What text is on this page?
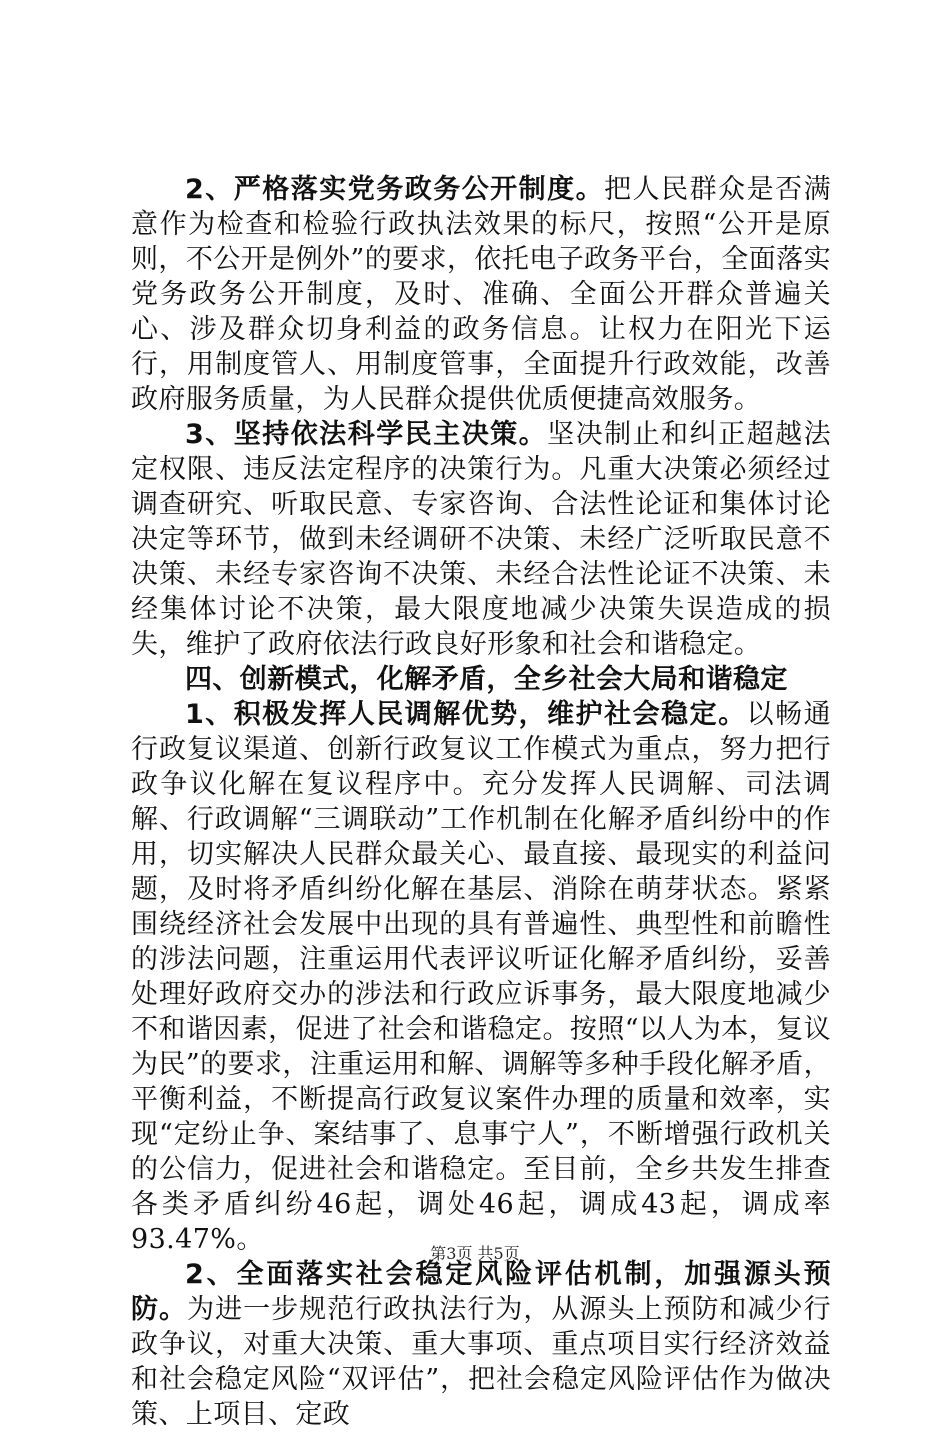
2、严格落实党务政务公开制度。把人民群众是否满意作为检查和检验行政执法效果的标尺，按照“公开是原则，不公开是例外”的要求，依托电子政务平台，全面落实党务政务公开制度，及时、准确、全面公开群众普遍关心、涉及群众切身利益的政务信息。让权力在阳光下运行，用制度管人、用制度管事，全面提升行政效能，改善政府服务质量，为人民群众提供优质便捷高效服务。

3、坚持依法科学民主决策。坚决制止和纠正超越法定权限、违反法定程序的决策行为。凡重大决策必须经过调查研究、听取民意、专家咨询、合法性论证和集体讨论决定等环节，做到未经调研不决策、未经广泛听取民意不决策、未经专家咨询不决策、未经合法性论证不决策、未经集体讨论不决策，最大限度地减少决策失误造成的损失，维护了政府依法行政良好形象和社会和谐稳定。

四、创新模式，化解矛盾，全乡社会大局和谐稳定

1、积极发挥人民调解优势，维护社会稳定。以畅通行政复议渠道、创新行政复议工作模式为重点，努力把行政争议化解在复议程序中。充分发挥人民调解、司法调解、行政调解“三调联动”工作机制在化解矛盾纠纷中的作用，切实解决人民群众最关心、最直接、最现实的利益问题，及时将矛盾纠纷化解在基层、消除在萌芽状态。紧紧围绕经济社会发展中出现的具有普遍性、典型性和前瞻性的涉法问题，注重运用代表评议听证化解矛盾纠纷，妥善处理好政府交办的涉法和行政应诉事务，最大限度地减少不和谐因素，促进了社会和谐稳定。按照“以人为本，复议为民”的要求，注重运用和解、调解等多种手段化解矛盾，平衡利益，不断提高行政复议案件办理的质量和效率，实现“定纷止争、案结事了、息事宁人”，不断增强行政机关的公信力，促进社会和谐稳定。至目前，全乡共发生排查各类矛盾纠纷46起，调处46起，调成43起，调成率93.47%。

2、全面落实社会稳定风险评估机制，加强源头预防。为进一步规范行政执法行为，从源头上预防和减少行政争议，对重大决策、重大事项、重点项目实行经济效益和社会稳定风险“双评估”，把社会稳定风险评估作为做决策、上项目、定政

第3页 共5页
